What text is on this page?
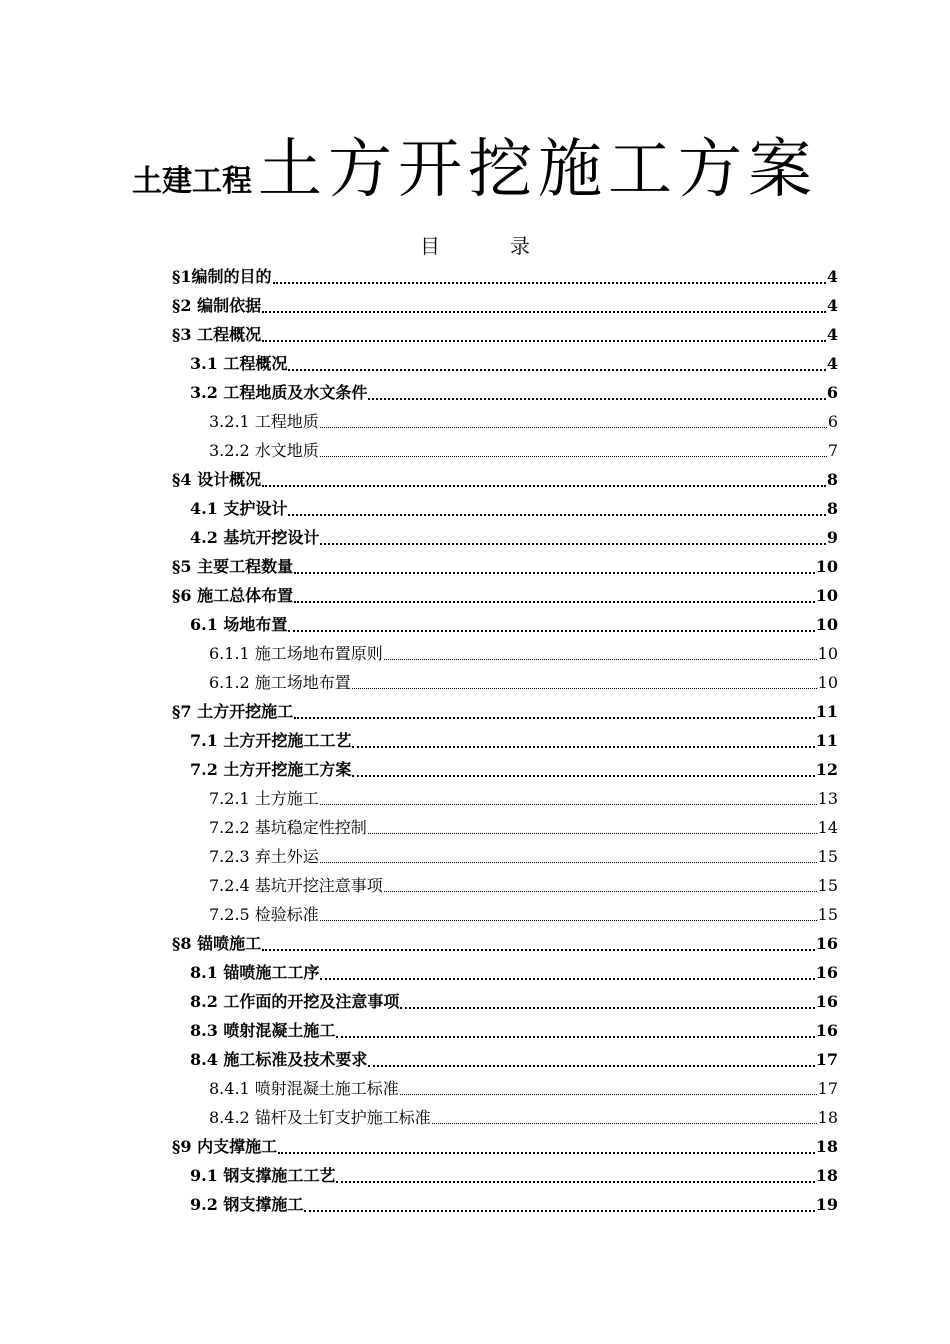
土建工程 土方开挖施工方案
目录
§1编制的目的	4
§2 编制依据	4
§3 工程概况	4
3.1 工程概况	4
3.2 工程地质及水文条件	6
3.2.1 工程地质	6
3.2.2 水文地质	7
§4 设计概况	8
4.1 支护设计	8
4.2 基坑开挖设计	9
§5 主要工程数量	10
§6 施工总体布置	10
6.1 场地布置	10
6.1.1 施工场地布置原则	10
6.1.2 施工场地布置	10
§7 土方开挖施工	11
7.1 土方开挖施工工艺	11
7.2 土方开挖施工方案	12
7.2.1 土方施工	13
7.2.2 基坑稳定性控制	14
7.2.3 弃土外运	15
7.2.4 基坑开挖注意事项	15
7.2.5 检验标准	15
§8 锚喷施工	16
8.1 锚喷施工工序	16
8.2 工作面的开挖及注意事项	16
8.3 喷射混凝土施工	16
8.4 施工标准及技术要求	17
8.4.1 喷射混凝土施工标准	17
8.4.2 锚杆及土钉支护施工标准	18
§9 内支撑施工	18
9.1 钢支撑施工工艺	18
9.2 钢支撑施工	19
